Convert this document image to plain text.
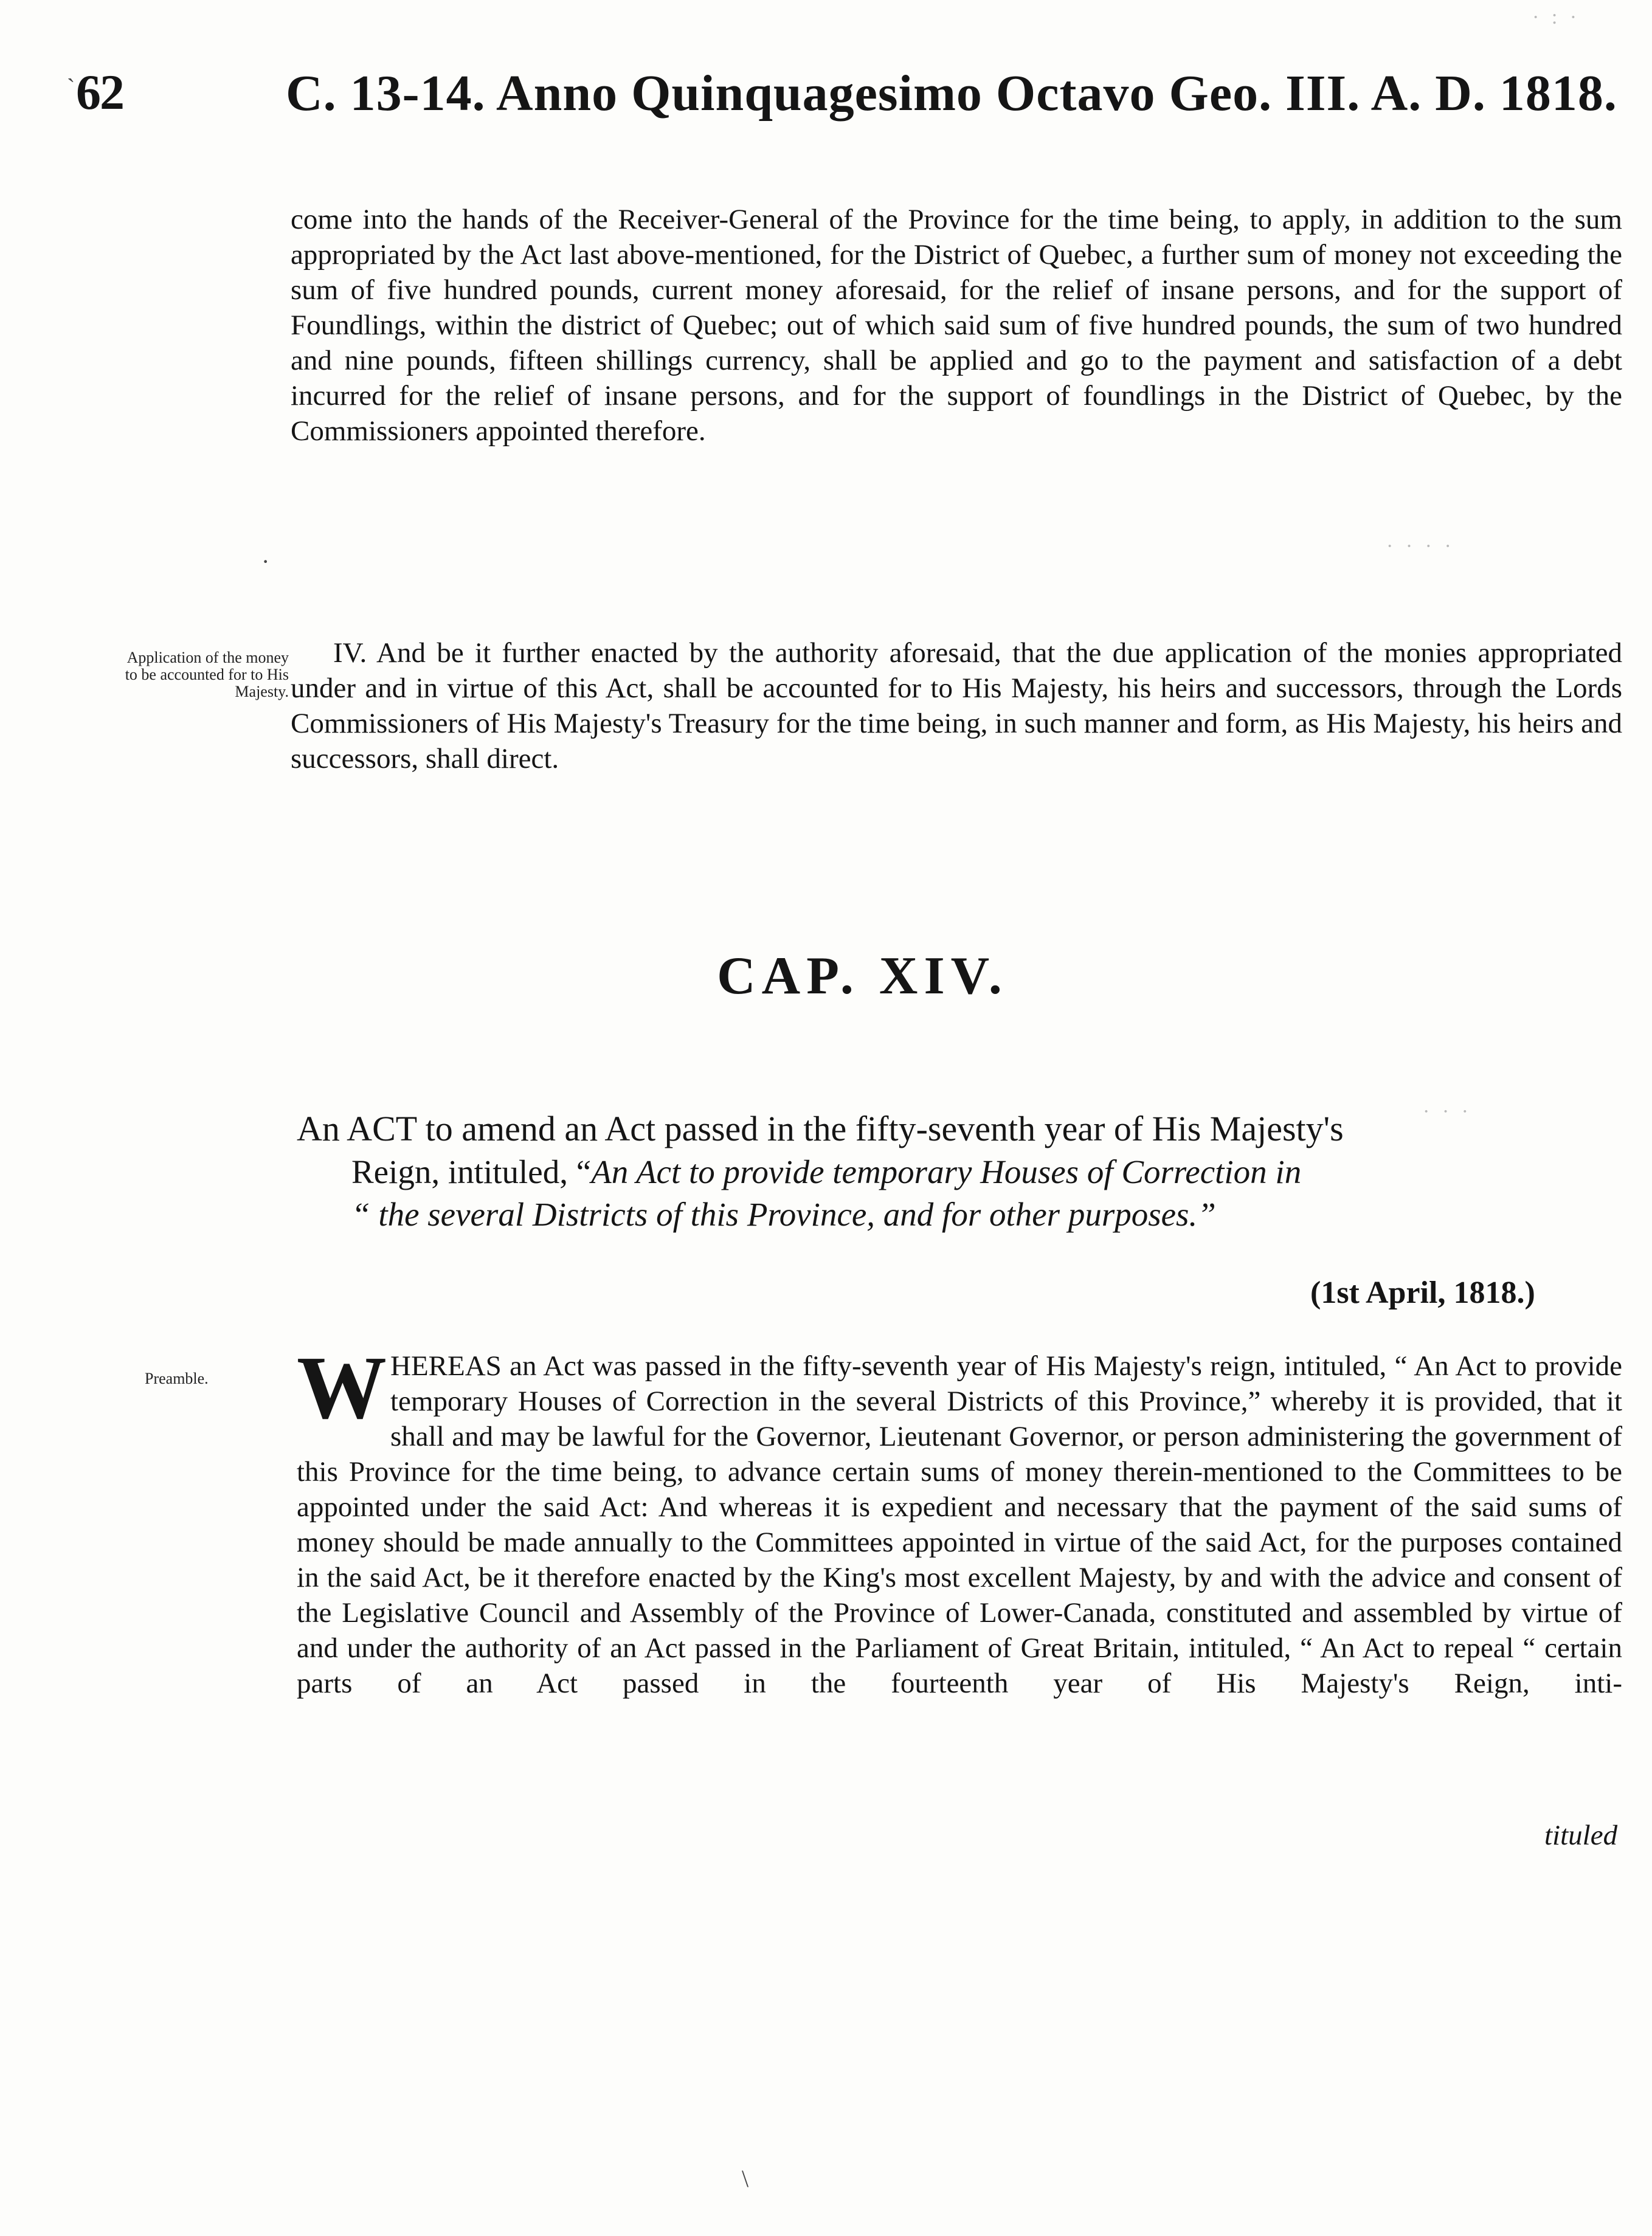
62	C. 13-14. Anno Quinquagesimo Octavo Geo. III. A. D. 1818.
come into the hands of the Receiver-General of the Province for the time being, to apply, in addition to the sum appropriated by the Act last above-mentioned, for the District of Quebec, a further sum of money not exceeding the sum of five hundred pounds, current money aforesaid, for the relief of insane persons, and for the support of Foundlings, within the district of Quebec; out of which said sum of five hundred pounds, the sum of two hundred and nine pounds, fifteen shillings currency, shall be applied and go to the payment and satisfaction of a debt incurred for the relief of insane persons, and for the support of foundlings in the District of Quebec, by the Commissioners appointed therefore.
Application of the money to be accounted for to His Majesty.
IV. And be it further enacted by the authority aforesaid, that the due application of the monies appropriated under and in virtue of this Act, shall be accounted for to His Majesty, his heirs and successors, through the Lords Commissioners of His Majesty's Treasury for the time being, in such manner and form, as His Majesty, his heirs and successors, shall direct.
CAP. XIV.
An ACT to amend an Act passed in the fifty-seventh year of His Majesty's
Reign, intituled, “An Act to provide temporary Houses of Correction in
“ the several Districts of this Province, and for other purposes.”
(1st April, 1818.)
Preamble. WHEREAS an Act was passed in the fifty-seventh year of His Majesty's reign, intituled, “ An Act to provide temporary Houses of Correction in the several Districts of this Province,” whereby it is provided, that it shall and may be lawful for the Governor, Lieutenant Governor, or person administering the government of this Province for the time being, to advance certain sums of money therein-mentioned to the Committees to be appointed under the said Act: And whereas it is expedient and necessary that the payment of the said sums of money should be made annually to the Committees appointed in virtue of the said Act, for the purposes contained in the said Act, be it therefore enacted by the King's most excellent Majesty, by and with the advice and consent of the Legislative Council and Assembly of the Province of Lower-Canada, constituted and assembled by virtue of and under the authority of an Act passed in the Parliament of Great Britain, intituled, “ An Act to repeal “ certain parts of an Act passed in the fourteenth year of His Majesty's Reign, inti-
tituled
· : ·
· · · ·
· · ·
`
·
\
